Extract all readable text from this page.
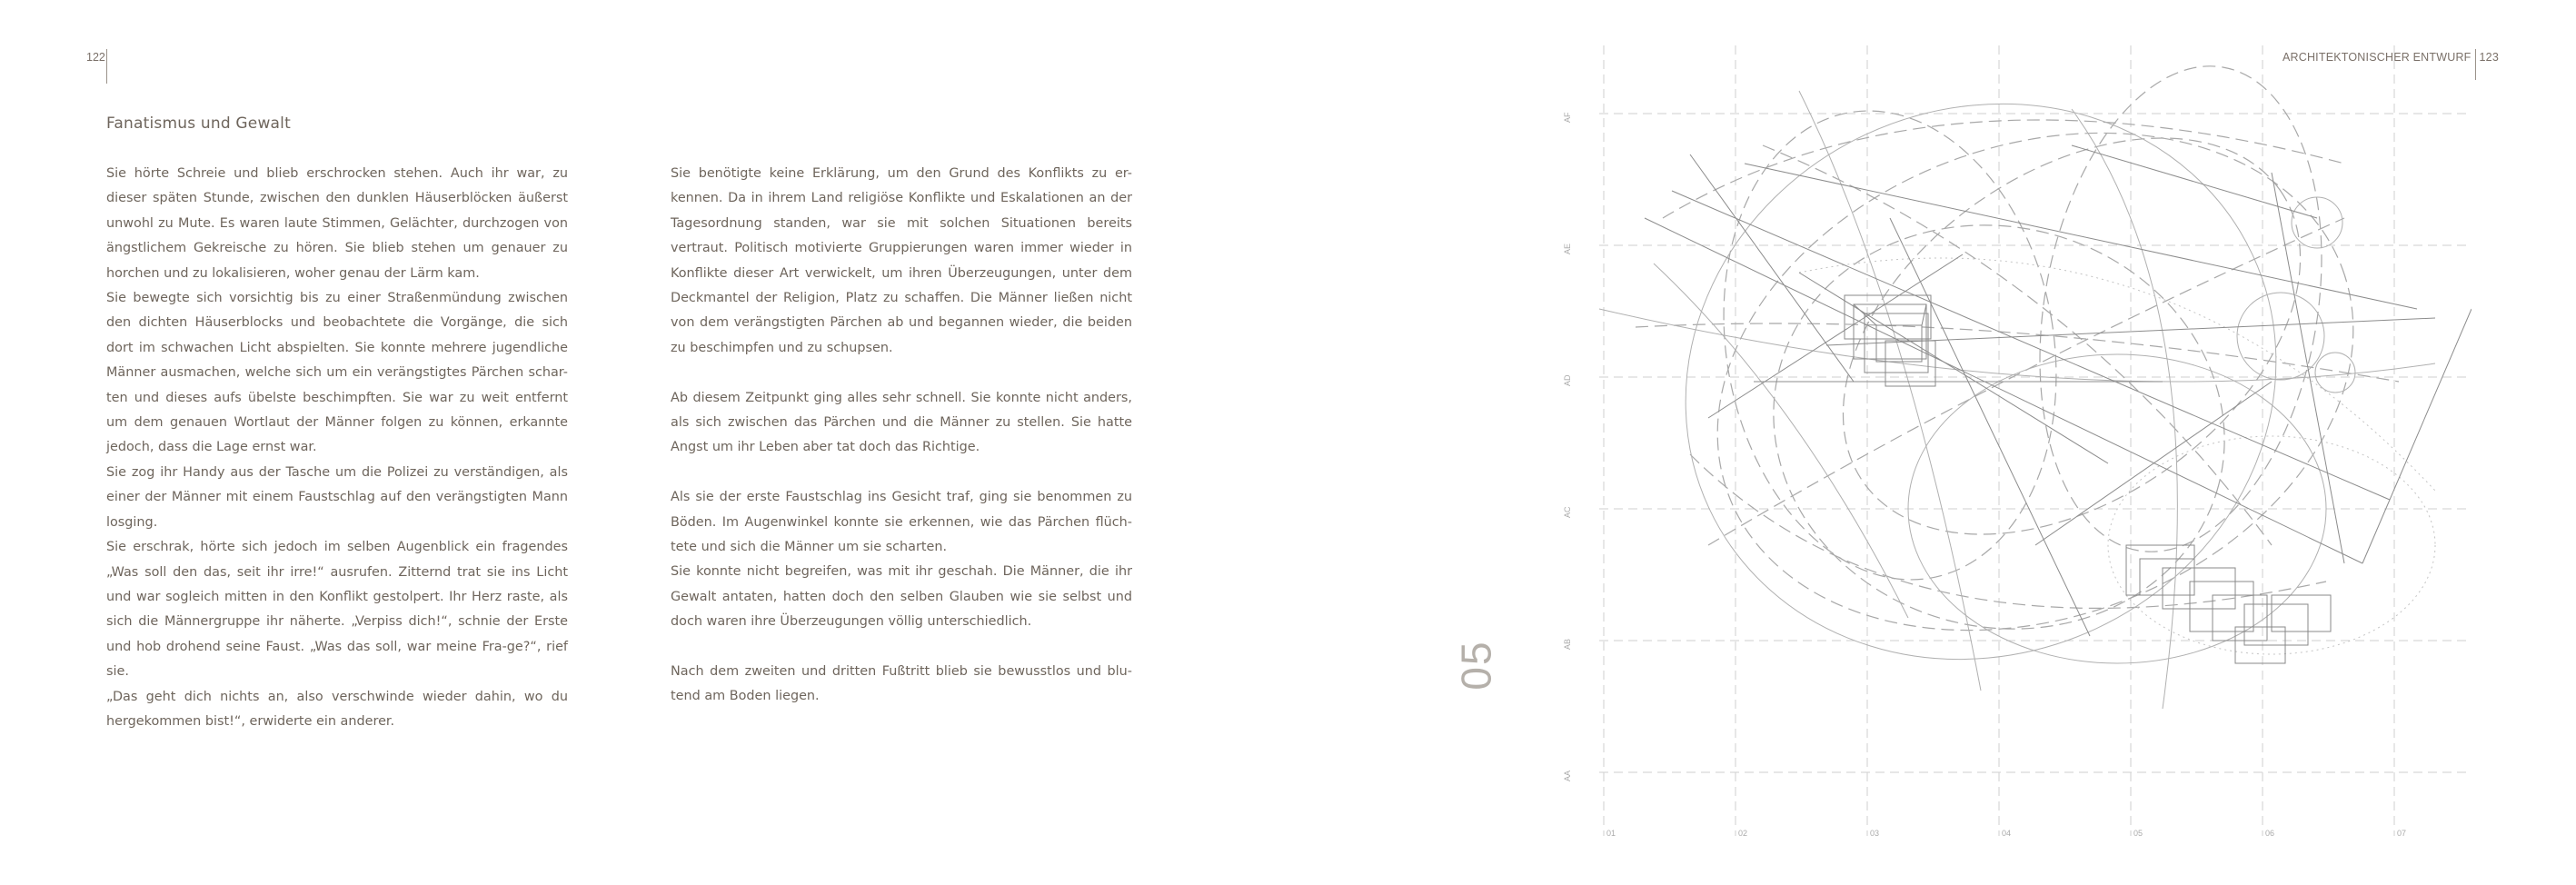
122
Fanatismus und Gewalt

Sie hörte Schreie und blieb erschrocken stehen. Auch ihr war, zu dieser späten Stunde, zwischen den dunklen Häuserblöcken äußerst unwohl zu Mute. Es waren laute Stimmen, Gelächter, durchzogen von ängstlichem Gekreische zu hören. Sie blieb stehen um genauer zu horchen und zu lokalisieren, woher genau der Lärm kam.

Sie bewegte sich vorsichtig bis zu einer Straßenmündung zwischen den dichten Häuserblocks und beobachtete die Vorgänge, die sich dort im schwachen Licht abspielten. Sie konnte mehrere jugendliche Männer ausmachen, welche sich um ein verängstigtes Pärchen schar-ten und dieses aufs übelste beschimpften. Sie war zu weit entfernt um dem genauen Wortlaut der Männer folgen zu können, erkannte jedoch, dass die Lage ernst war.

Sie zog ihr Handy aus der Tasche um die Polizei zu verständigen, als einer der Männer mit einem Faustschlag auf den verängstigten Mann losging.

Sie erschrak, hörte sich jedoch im selben Augenblick ein fragendes „Was soll den das, seit ihr irre!“ ausrufen. Zitternd trat sie ins Licht und war sogleich mitten in den Konflikt gestolpert. Ihr Herz raste, als sich die Männergruppe ihr näherte. „Verpiss dich!“, schnie der Erste und hob drohend seine Faust. „Was das soll, war meine Fra-ge?“, rief sie.

„Das geht dich nichts an, also verschwinde wieder dahin, wo du hergekommen bist!“, erwiderte ein anderer.

Sie benötigte keine Erklärung, um den Grund des Konflikts zu er-kennen. Da in ihrem Land religiöse Konflikte und Eskalationen an der Tagesordnung standen, war sie mit solchen Situationen bereits vertraut. Politisch motivierte Gruppierungen waren immer wieder in Konflikte dieser Art verwickelt, um ihren Überzeugungen, unter dem Deckmantel der Religion, Platz zu schaffen. Die Männer ließen nicht von dem verängstigten Pärchen ab und begannen wieder, die beiden zu beschimpfen und zu schupsen.

Ab diesem Zeitpunkt ging alles sehr schnell. Sie konnte nicht anders, als sich zwischen das Pärchen und die Männer zu stellen. Sie hatte Angst um ihr Leben aber tat doch das Richtige.

Als sie der erste Faustschlag ins Gesicht traf, ging sie benommen zu Böden. Im Augenwinkel konnte sie erkennen, wie das Pärchen flüch-tete und sich die Männer um sie scharten.

Sie konnte nicht begreifen, was mit ihr geschah. Die Männer, die ihr Gewalt antaten, hatten doch den selben Glauben wie sie selbst und doch waren ihre Überzeugungen völlig unterschiedlich.

Nach dem zweiten und dritten Fußtritt blieb sie bewusstlos und blu-tend am Boden liegen.

ARCHITEKTONISCHER ENTWURF 123
05
AF
AE
AD
AC
AB
AA
01	02	03	04	05	06	07
